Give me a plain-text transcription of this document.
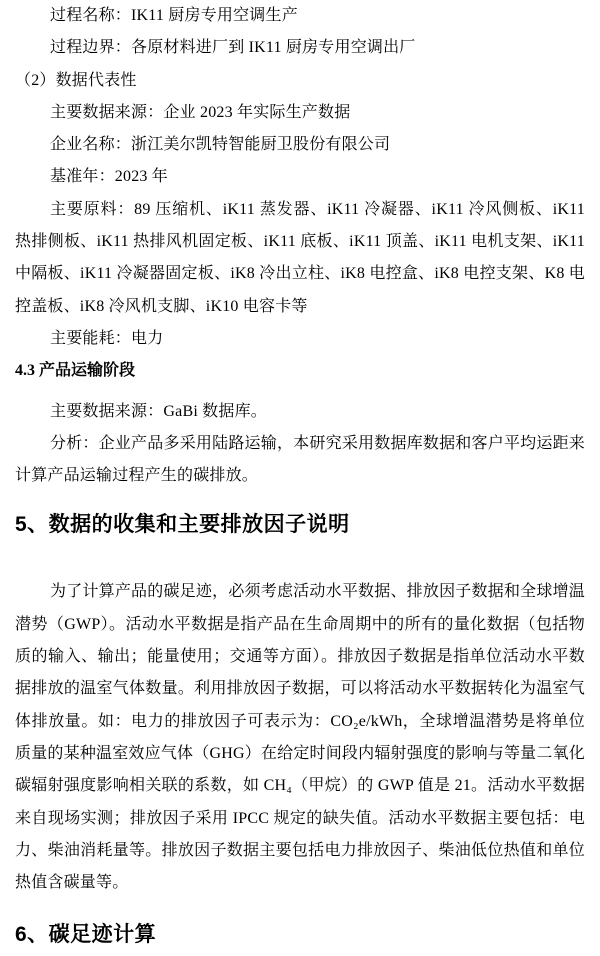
过程名称：IK11 厨房专用空调生产

过程边界：各原材料进厂到 IK11 厨房专用空调出厂

（2）数据代表性

主要数据来源：企业 2023 年实际生产数据

企业名称：浙江美尔凯特智能厨卫股份有限公司

基准年：2023 年

主要原料：89 压缩机、iK11 蒸发器、iK11 冷凝器、iK11 冷风侧板、iK11 热排侧板、iK11 热排风机固定板、iK11 底板、iK11 顶盖、iK11 电机支架、iK11 中隔板、iK11 冷凝器固定板、iK8 冷出立柱、iK8 电控盒、iK8 电控支架、K8 电控盖板、iK8 冷风机支脚、iK10 电容卡等

主要能耗：电力

4.3 产品运输阶段

主要数据来源：GaBi 数据库。

分析：企业产品多采用陆路运输，本研究采用数据库数据和客户平均运距来计算产品运输过程产生的碳排放。

5、数据的收集和主要排放因子说明

为了计算产品的碳足迹，必须考虑活动水平数据、排放因子数据和全球增温潜势（GWP）。活动水平数据是指产品在生命周期中的所有的量化数据（包括物质的输入、输出；能量使用；交通等方面）。排放因子数据是指单位活动水平数据排放的温室气体数量。利用排放因子数据，可以将活动水平数据转化为温室气体排放量。如：电力的排放因子可表示为：CO₂e/kWh，全球增温潜势是将单位质量的某种温室效应气体（GHG）在给定时间段内辐射强度的影响与等量二氧化碳辐射强度影响相关联的系数，如 CH₄（甲烷）的 GWP 值是 21。活动水平数据来自现场实测；排放因子采用 IPCC 规定的缺失值。活动水平数据主要包括：电力、柴油消耗量等。排放因子数据主要包括电力排放因子、柴油低位热值和单位热值含碳量等。

6、碳足迹计算
